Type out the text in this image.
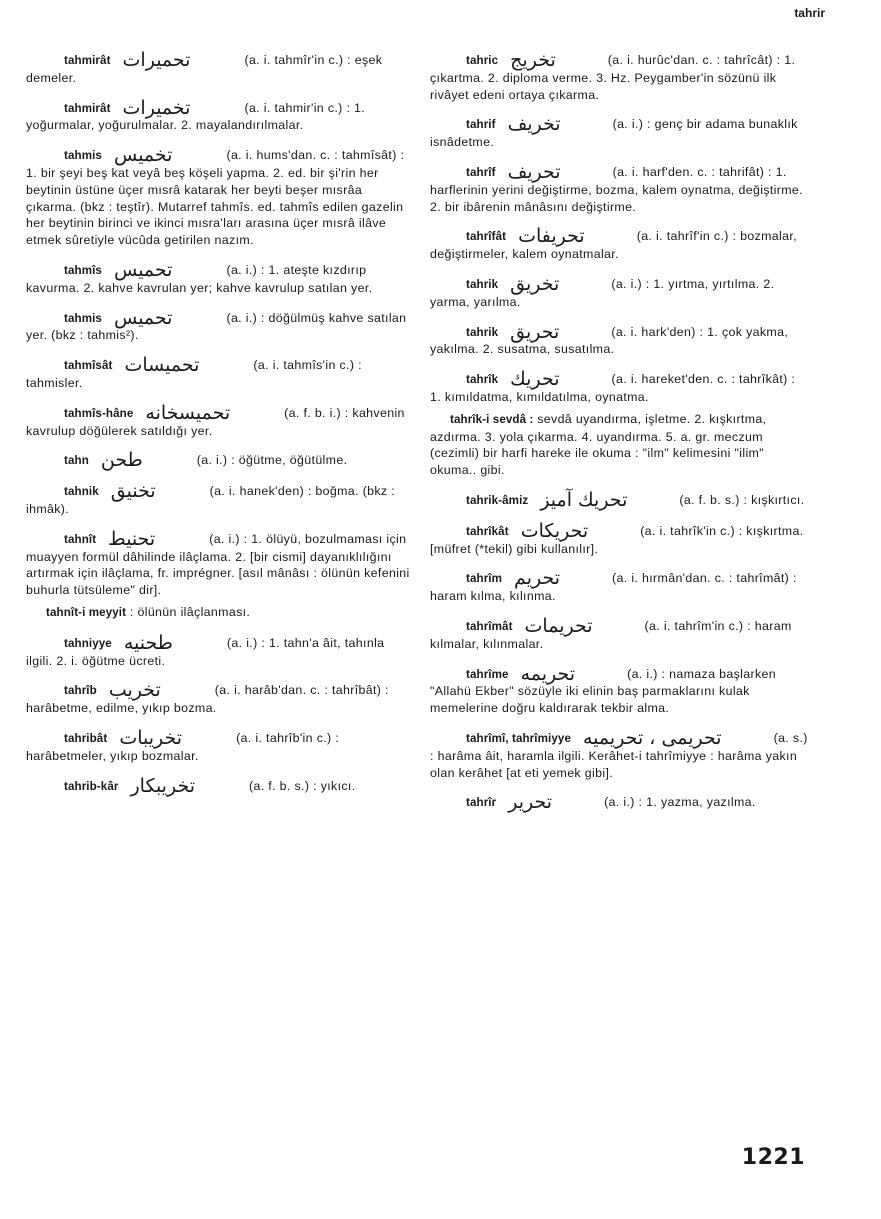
tahrir

tahmirât تحميرات	(a. i. tahmîr'in c.) : eşek demeler.

tahmirât تخميرات	(a. i. tahmir'in c.) : 1. yoğurmalar, yoğurulmalar. 2. mayalandırılmalar.

tahmis تخميس	(a. i. hums'dan. c. : tahmîsât) : 1. bir şeyi beş kat veyâ beş köşeli yapma. 2. ed. bir şi'rin her beytinin üstüne üçer mısrâ katarak her beyti beşer mısrâa çıkarma. (bkz : teştîr). Mutarref tahmîs. ed. tahmîs edilen gazelin her beytinin birinci ve ikinci mısra'ları arasına üçer mısrâ ilâve etmek sûretiyle vücûda getirilen nazım.

tahmîs تحميس	(a. i.) : 1. ateşte kızdırıp kavurma. 2. kahve kavrulan yer; kahve kavrulup satılan yer.

tahmis تحميس	(a. i.) : döğülmüş kahve satılan yer. (bkz : tahmis²).

tahmîsât تحميسات	(a. i. tahmîs'in c.) : tahmisler.

tahmîs-hâne تحميسخانه	(a. f. b. i.) : kahvenin kavrulup döğülerek satıldığı yer.

tahn طحن	(a. i.) : öğütme, öğütülme.

tahnik تخنيق	(a. i. hanek'den) : boğma. (bkz : ihmâk).

tahnît تحنيط	(a. i.) : 1. ölüyü, bozulmaması için muayyen formül dâhilinde ilâçlama. 2. [bir cismi] dayanıklılığını artırmak için ilâçlama, fr. imprégner. [asıl mânâsı : ölünün kefenini buhurla tütsüleme" dir].

tahnît-i meyyit : ölünün ilâçlanması.

tahniyye طحنيه	(a. i.) : 1. tahn'a âit, tahınla ilgili. 2. i. öğütme ücreti.

tahrîb تخريب	(a. i. harâb'dan. c. : tahrîbât) : harâbetme, edilme, yıkıp bozma.

tahribât تخريبات	(a. i. tahrîb'in c.) : harâbetmeler, yıkıp bozmalar.

tahrib-kâr تخريبكار	(a. f. b. s.) : yıkıcı.

tahric تخريج	(a. i. hurûc'dan. c. : tahrîcât) : 1. çıkartma. 2. diploma verme. 3. Hz. Peygamber'in sözünü ilk rivâyet edeni ortaya çıkarma.

tahrif تخريف	(a. i.) : genç bir adama bunaklık isnâdetme.

tahrîf تحريف	(a. i. harf'den. c. : tahrifât) : 1. harflerinin yerini değiştirme, bozma, kalem oynatma, değiştirme. 2. bir ibârenin mânâsını değiştirme.

tahrîfât تحريفات	(a. i. tahrîf'in c.) : bozmalar, değiştirmeler, kalem oynatmalar.

tahrik تخريق	(a. i.) : 1. yırtma, yırtılma. 2. yarma, yarılma.

tahrik تحريق	(a. i. hark'den) : 1. çok yakma, yakılma. 2. susatma, susatılma.

tahrîk تحريك	(a. i. hareket'den. c. : tahrîkât) : 1. kımıldatma, kımıldatılma, oynatma.

tahrîk-i sevdâ : sevdâ uyandırma, işletme. 2. kışkırtma, azdırma. 3. yola çıkarma. 4. uyandırma. 5. a. gr. meczum (cezimli) bir harfi hareke ile okuma : "ilm" kelimesini "ilim" okuma.. gibi.

tahrik-âmiz تحريك آميز	(a. f. b. s.) : kışkırtıcı.

tahrîkât تحريكات	(a. i. tahrîk'in c.) : kışkırtma. [müfret (*tekil) gibi kullanılır].

tahrîm تحريم	(a. i. hırmân'dan. c. : tahrîmât) : haram kılma, kılınma.

tahrîmât تحريمات	(a. i. tahrîm'in c.) : haram kılmalar, kılınmalar.

tahrîme تحريمه	(a. i.) : namaza başlarken "Allahü Ekber" sözüyle iki elinin baş parmaklarını kulak memelerine doğru kaldırarak tekbir alma.

tahrîmî, tahrîmiyye تحريمى ، تحريميه	(a. s.) : harâma âit, haramla ilgili. Kerâhet-i tahrîmiyye : harâma yakın olan kerâhet [at eti yemek gibi].

tahrîr تحرير	(a. i.) : 1. yazma, yazılma.

1221
